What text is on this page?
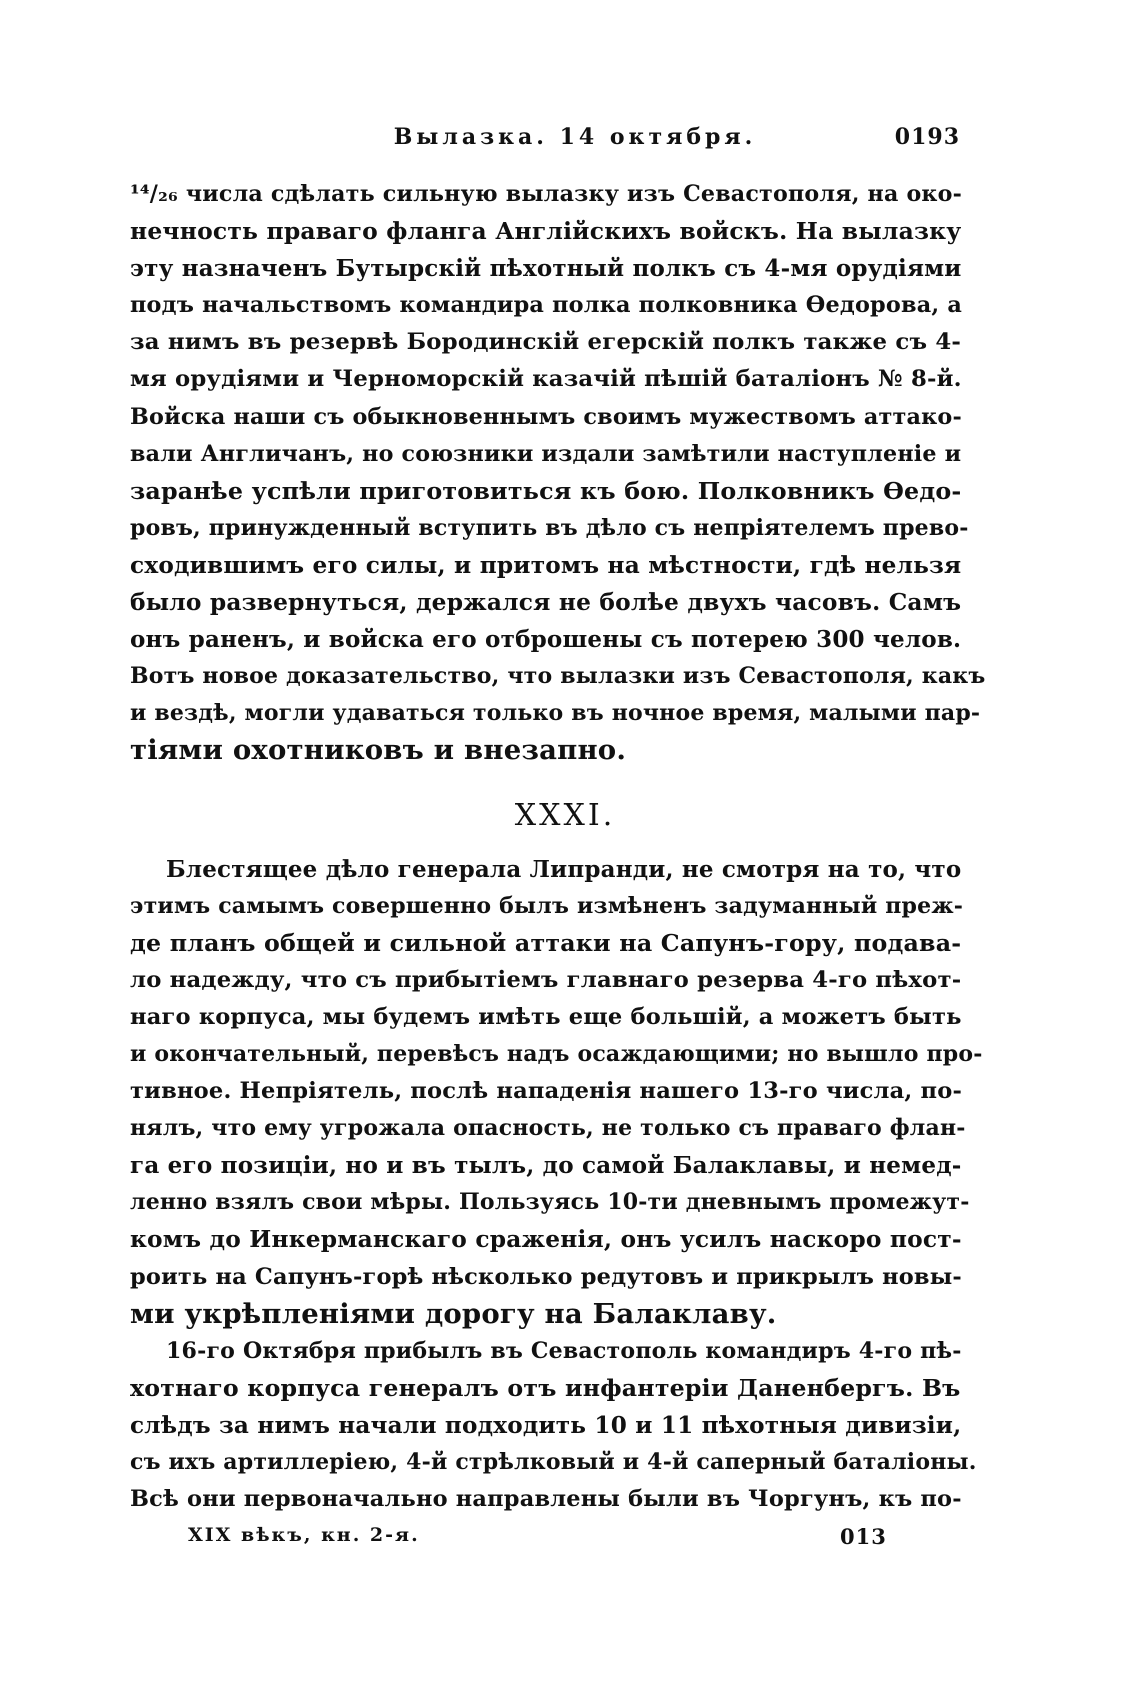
Вылазка. 14 октября.	0193
¹⁴/₂₆ числа сдѣлать сильную вылазку изъ Севастополя, на око-
нечность праваго фланга Англійскихъ войскъ. На вылазку
эту назначенъ Бутырскій пѣхотный полкъ съ 4-мя орудіями
подъ начальствомъ командира полка полковника Ѳедорова, а
за нимъ въ резервѣ Бородинскій егерскій полкъ также съ 4-
мя орудіями и Черноморскій казачій пѣшій баталіонъ № 8-й.
Войска наши съ обыкновеннымъ своимъ мужествомъ аттако-
вали Англичанъ, но союзники издали замѣтили наступленіе и
заранѣе успѣли приготовиться къ бою. Полковникъ Ѳедо-
ровъ, принужденный вступить въ дѣло съ непріятелемъ прево-
сходившимъ его силы, и притомъ на мѣстности, гдѣ нельзя
было развернуться, держался не болѣе двухъ часовъ. Самъ
онъ раненъ, и войска его отброшены съ потерею 300 челов.
Вотъ новое доказательство, что вылазки изъ Севастополя, какъ
и вездѣ, могли удаваться только въ ночное время, малыми пар-
тіями охотниковъ и внезапно.
XXXI.
Блестящее дѣло генерала Липранди, не смотря на то, что
этимъ самымъ совершенно былъ измѣненъ задуманный преж-
де планъ общей и сильной аттаки на Сапунъ-гору, подава-
ло надежду, что съ прибытіемъ главнаго резерва 4-го пѣхот-
наго корпуса, мы будемъ имѣть еще большій, а можетъ быть
и окончательный, перевѣсъ надъ осаждающими; но вышло про-
тивное. Непріятель, послѣ нападенія нашего 13-го числа, по-
нялъ, что ему угрожала опасность, не только съ праваго флан-
га его позиціи, но и въ тылъ, до самой Балаклавы, и немед-
ленно взялъ свои мѣры. Пользуясь 10-ти дневнымъ промежут-
комъ до Инкерманскаго сраженія, онъ усилъ наскоро пост-
роить на Сапунъ-горѣ нѣсколько редутовъ и прикрылъ новы-
ми укрѣпленіями дорогу на Балаклаву.
16-го Октября прибылъ въ Севастополь командиръ 4-го пѣ-
хотнаго корпуса генералъ отъ инфантеріи Даненбергъ. Въ
слѣдъ за нимъ начали подходить 10 и 11 пѣхотныя дивизіи,
съ ихъ артиллеріею, 4-й стрѣлковый и 4-й саперный баталіоны.
Всѣ они первоначально направлены были въ Чоргунъ, къ по-
XIX вѣкъ, кн. 2-я.	013
